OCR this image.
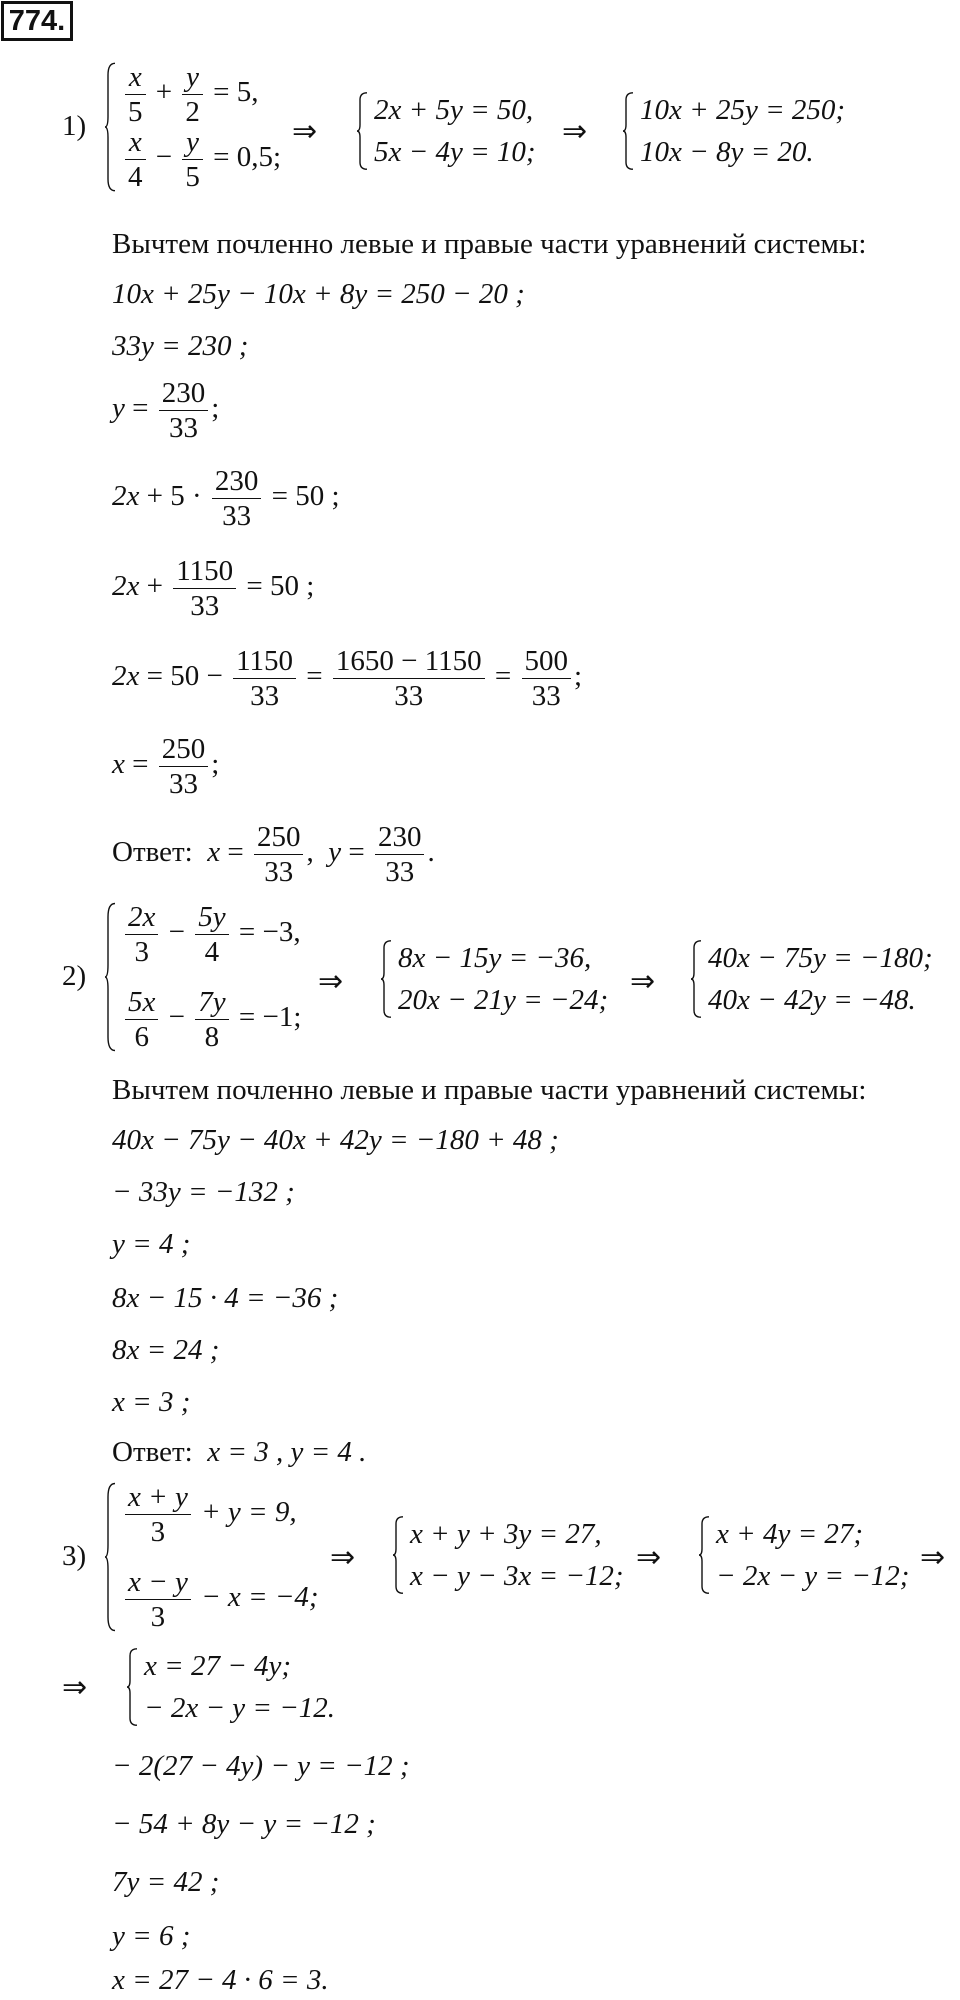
774.
$1) \frac{x}{5} + \frac{y}{2} = 5$,
$\frac{x}{4} - \frac{y}{5} = 0,5$;
⇒
2x + 5y = 50,
5x − 4y = 10;
⇒
10x + 25y = 250;
10x − 8y = 20.
Вычтем почленно левые и правые части уравнений системы:
10x + 25y − 10x + 8y = 250 − 20 ;
33y = 230 ;
$y = \frac{230}{33}$ ;
$2x + 5 \cdot \frac{230}{33} = 50$ ;
$2x + \frac{1150}{33} = 50$ ;
$2x = 50 - \frac{1150}{33} = \frac{1650 - 1150}{33} = \frac{500}{33}$ ;
$x = \frac{250}{33}$ ;
Ответ: $x = \frac{250}{33}$ ,  $y = \frac{230}{33}$ .
2)
$\frac{2x}{3} - \frac{5y}{4} = -3$,
$\frac{5x}{6} - \frac{7y}{8} = -1$;
⇒
8x − 15y = −36,
20x − 21y = −24;
⇒
40x − 75y = −180;
40x − 42y = −48.
Вычтем почленно левые и правые части уравнений системы:
40x − 75y − 40x + 42y = −180 + 48 ;
− 33y = −132 ;
y = 4 ;
8x − 15 · 4 = −36 ;
8x = 24 ;
x = 3 ;
Ответ: x = 3 , y = 4 .
3)
$\frac{x + y}{3} + y = 9$,
$\frac{x - y}{3} - x = -4$;
⇒
x + y + 3y = 27,
x − y − 3x = −12;
⇒
x + 4y = 27;
− 2x − y = −12;
⇒
⇒
x = 27 − 4y;
− 2x − y = −12.
− 2(27 − 4y) − y = −12 ;
− 54 + 8y − y = −12 ;
7y = 42 ;
y = 6 ;
x = 27 − 4 · 6 = 3.
